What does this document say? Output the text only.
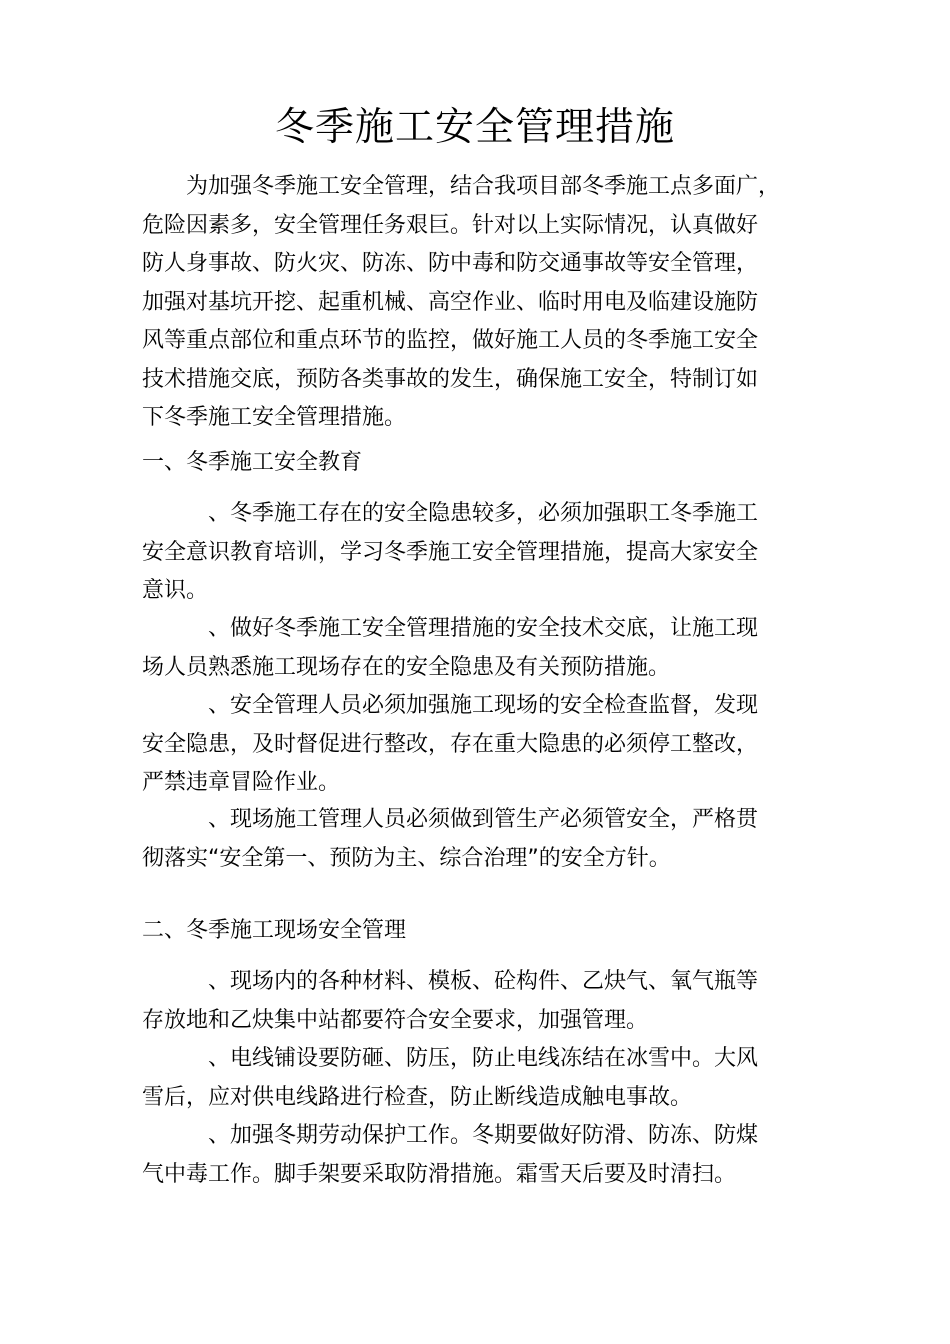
冬季施工安全管理措施
为加强冬季施工安全管理，结合我项目部冬季施工点多面广，
危险因素多，安全管理任务艰巨。针对以上实际情况，认真做好
防人身事故、防火灾、防冻、防中毒和防交通事故等安全管理，
加强对基坑开挖、起重机械、高空作业、临时用电及临建设施防
风等重点部位和重点环节的监控，做好施工人员的冬季施工安全
技术措施交底，预防各类事故的发生，确保施工安全，特制订如
下冬季施工安全管理措施。
一、冬季施工安全教育
、冬季施工存在的安全隐患较多，必须加强职工冬季施工
安全意识教育培训，学习冬季施工安全管理措施，提高大家安全
意识。
、做好冬季施工安全管理措施的安全技术交底，让施工现
场人员熟悉施工现场存在的安全隐患及有关预防措施。
、安全管理人员必须加强施工现场的安全检查监督，发现
安全隐患，及时督促进行整改，存在重大隐患的必须停工整改，
严禁违章冒险作业。
、现场施工管理人员必须做到管生产必须管安全，严格贯
彻落实“安全第一、预防为主、综合治理”的安全方针。
二、冬季施工现场安全管理
、现场内的各种材料、模板、砼构件、乙炔气、氧气瓶等
存放地和乙炔集中站都要符合安全要求，加强管理。
、电线铺设要防砸、防压，防止电线冻结在冰雪中。大风
雪后，应对供电线路进行检查，防止断线造成触电事故。
、加强冬期劳动保护工作。冬期要做好防滑、防冻、防煤
气中毒工作。脚手架要采取防滑措施。霜雪天后要及时清扫。
